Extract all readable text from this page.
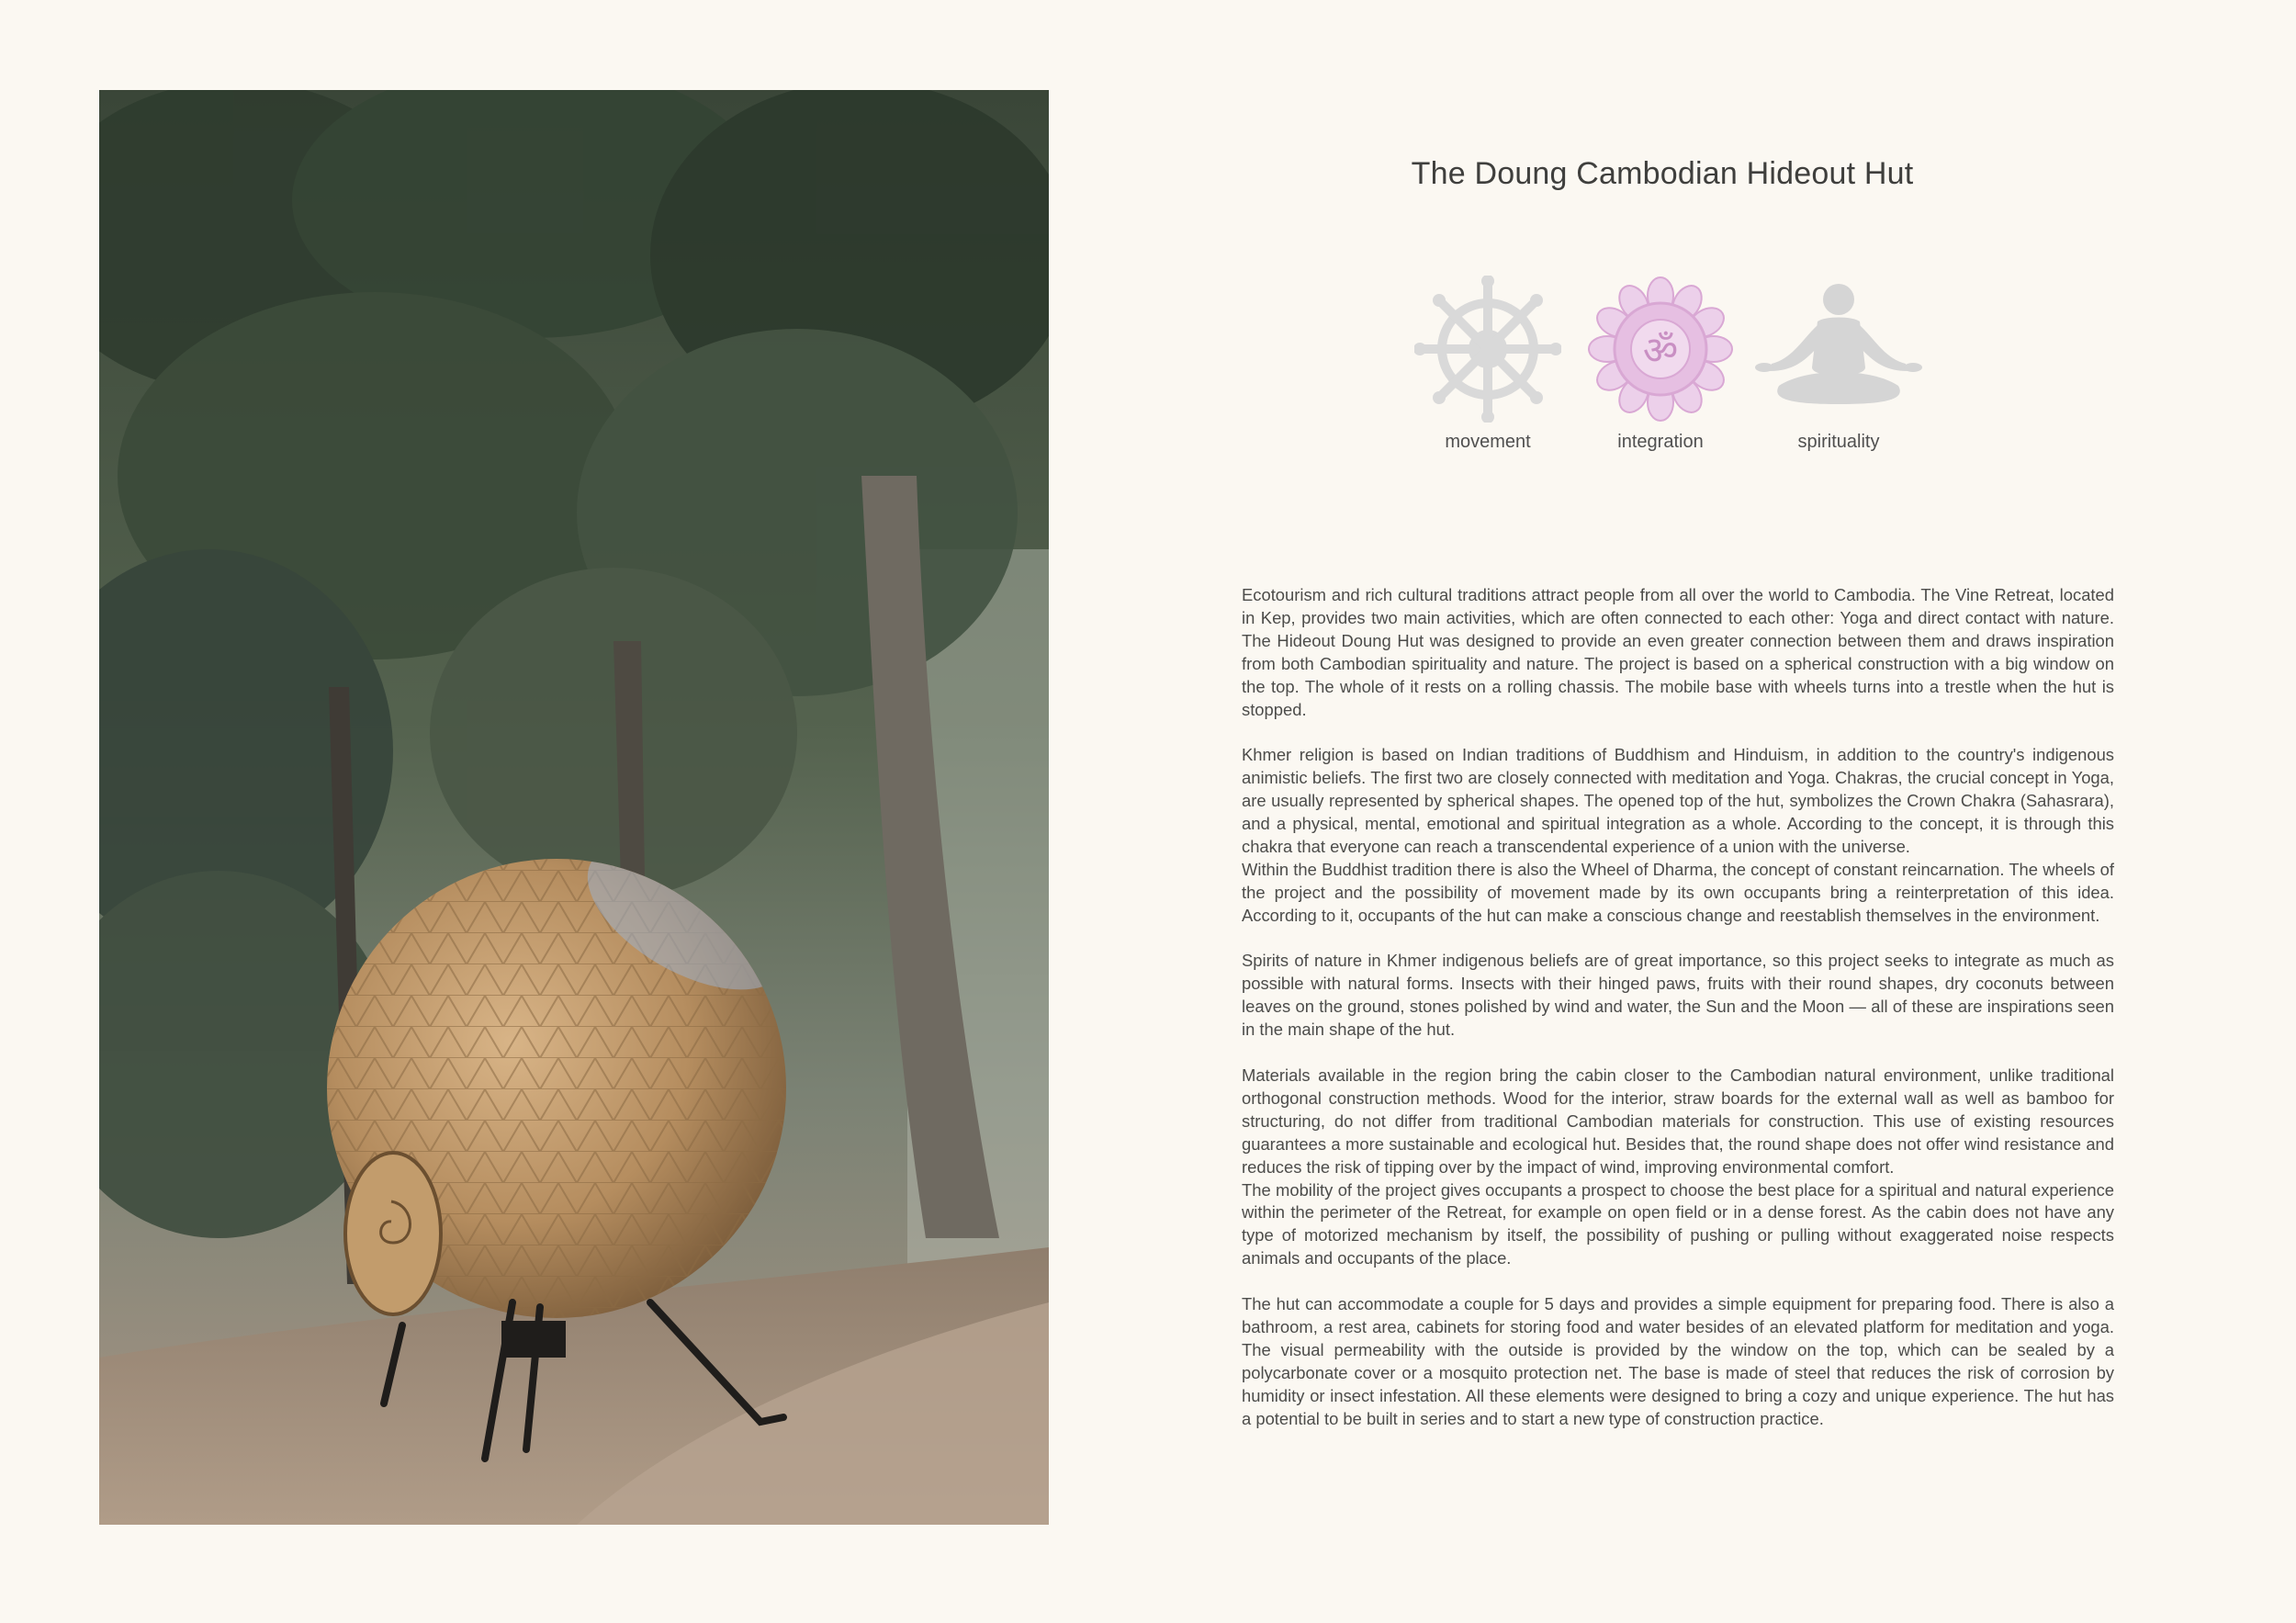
The Doung Cambodian Hideout Hut
movement
ॐ
integration	spirituality

Ecotourism and rich cultural traditions attract people from all over the world to Cambodia. The Vine Retreat, located in Kep, provides two main activities, which are often connected to each other: Yoga and direct contact with nature. The Hideout Doung Hut was designed to provide an even greater connection between them and draws inspiration from both Cambodian spirituality and nature. The project is based on a spherical construction with a big window on the top. The whole of it rests on a rolling chassis. The mobile base with wheels turns into a trestle when the hut is stopped.

Khmer religion is based on Indian traditions of Buddhism and Hinduism, in addition to the country's indigenous animistic beliefs. The first two are closely connected with meditation and Yoga. Chakras, the crucial concept in Yoga, are usually represented by spherical shapes. The opened top of the hut, symbolizes the Crown Chakra (Sahasrara), and a physical, mental, emotional and spiritual integration as a whole. According to the concept, it is through this chakra that everyone can reach a transcendental experience of a union with the universe.

Within the Buddhist tradition there is also the Wheel of Dharma, the concept of constant reincarnation. The wheels of the project and the possibility of movement made by its own occupants bring a reinterpretation of this idea. According to it, occupants of the hut can make a conscious change and reestablish themselves in the environment.

Spirits of nature in Khmer indigenous beliefs are of great importance, so this project seeks to integrate as much as possible with natural forms. Insects with their hinged paws, fruits with their round shapes, dry coconuts between leaves on the ground, stones polished by wind and water, the Sun and the Moon — all of these are inspirations seen in the main shape of the hut.

Materials available in the region bring the cabin closer to the Cambodian natural environment, unlike traditional orthogonal construction methods. Wood for the interior, straw boards for the external wall as well as bamboo for structuring, do not differ from traditional Cambodian materials for construction. This use of existing resources guarantees a more sustainable and ecological hut. Besides that, the round shape does not offer wind resistance and reduces the risk of tipping over by the impact of wind, improving environmental comfort.

The mobility of the project gives occupants a prospect to choose the best place for a spiritual and natural experience within the perimeter of the Retreat, for example on open field or in a dense forest. As the cabin does not have any type of motorized mechanism by itself, the possibility of pushing or pulling without exaggerated noise respects animals and occupants of the place.

The hut can accommodate a couple for 5 days and provides a simple equipment for preparing food. There is also a bathroom, a rest area, cabinets for storing food and water besides of an elevated platform for meditation and yoga. The visual permeability with the outside is provided by the window on the top, which can be sealed by a polycarbonate cover or a mosquito protection net. The base is made of steel that reduces the risk of corrosion by humidity or insect infestation. All these elements were designed to bring a cozy and unique experience. The hut has a potential to be built in series and to start a new type of construction practice.
